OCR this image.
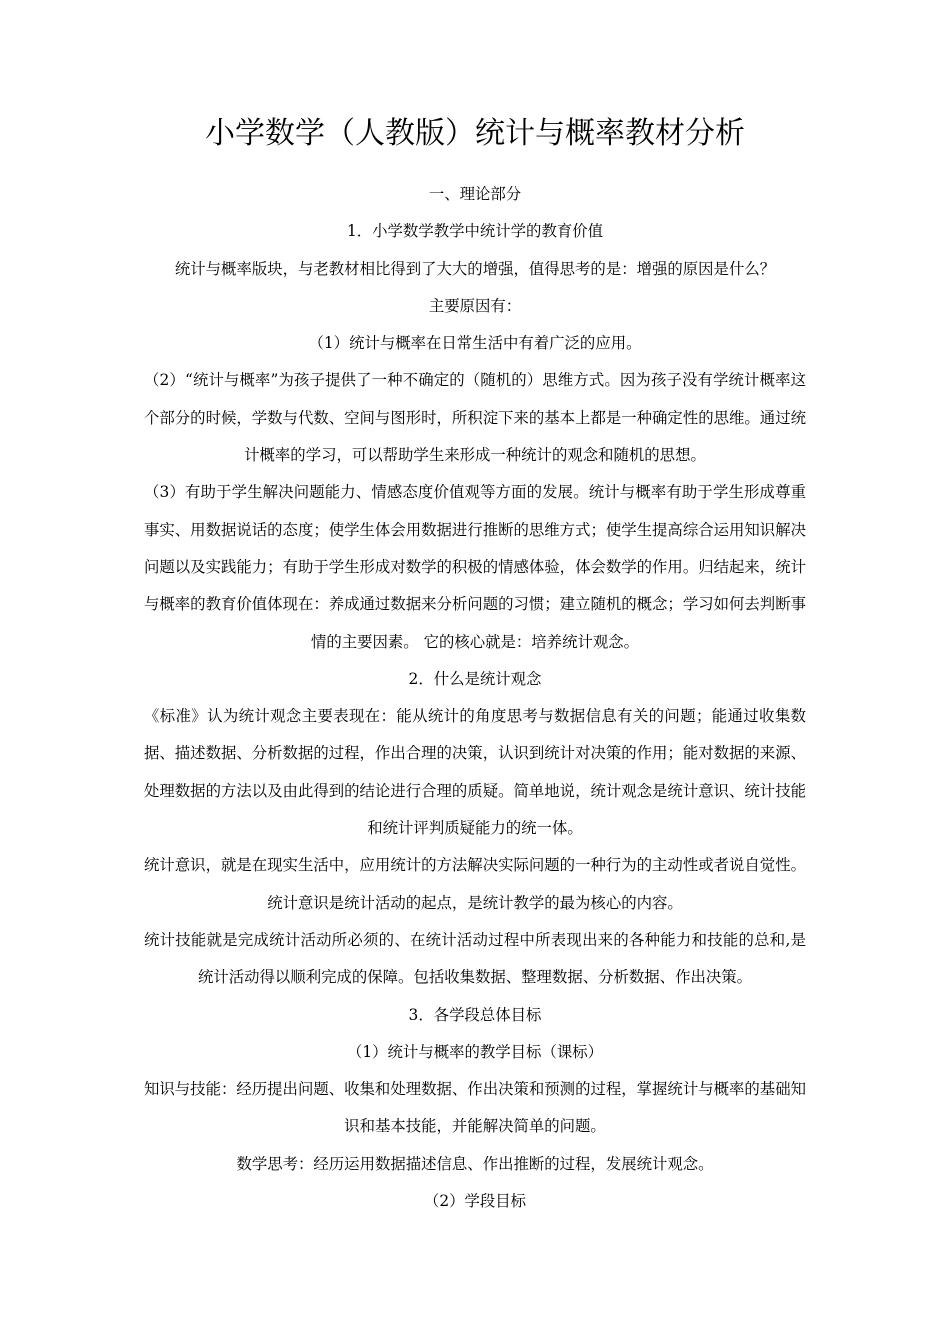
小学数学（人教版）统计与概率教材分析
一、理论部分
1．小学数学教学中统计学的教育价值
统计与概率版块，与老教材相比得到了大大的增强，值得思考的是：增强的原因是什么？
主要原因有：
（1）统计与概率在日常生活中有着广泛的应用。
（2）“统计与概率”为孩子提供了一种不确定的（随机的）思维方式。因为孩子没有学统计概率这个部分的时候，学数与代数、空间与图形时，所积淀下来的基本上都是一种确定性的思维。通过统计概率的学习，可以帮助学生来形成一种统计的观念和随机的思想。
（3）有助于学生解决问题能力、情感态度价值观等方面的发展。统计与概率有助于学生形成尊重事实、用数据说话的态度；使学生体会用数据进行推断的思维方式；使学生提高综合运用知识解决问题以及实践能力；有助于学生形成对数学的积极的情感体验，体会数学的作用。归结起来，统计与概率的教育价值体现在：养成通过数据来分析问题的习惯；建立随机的概念；学习如何去判断事情的主要因素。 它的核心就是：培养统计观念。
2．什么是统计观念
《标准》认为统计观念主要表现在：能从统计的角度思考与数据信息有关的问题；能通过收集数据、描述数据、分析数据的过程，作出合理的决策，认识到统计对决策的作用；能对数据的来源、处理数据的方法以及由此得到的结论进行合理的质疑。简单地说，统计观念是统计意识、统计技能和统计评判质疑能力的统一体。
统计意识，就是在现实生活中，应用统计的方法解决实际问题的一种行为的主动性或者说自觉性。统计意识是统计活动的起点，是统计教学的最为核心的内容。
统计技能就是完成统计活动所必须的、在统计活动过程中所表现出来的各种能力和技能的总和,是统计活动得以顺利完成的保障。包括收集数据、整理数据、分析数据、作出决策。
3．各学段总体目标
（1）统计与概率的教学目标（课标）
知识与技能：经历提出问题、收集和处理数据、作出决策和预测的过程，掌握统计与概率的基础知识和基本技能，并能解决简单的问题。
数学思考：经历运用数据描述信息、作出推断的过程，发展统计观念。
（2）学段目标
